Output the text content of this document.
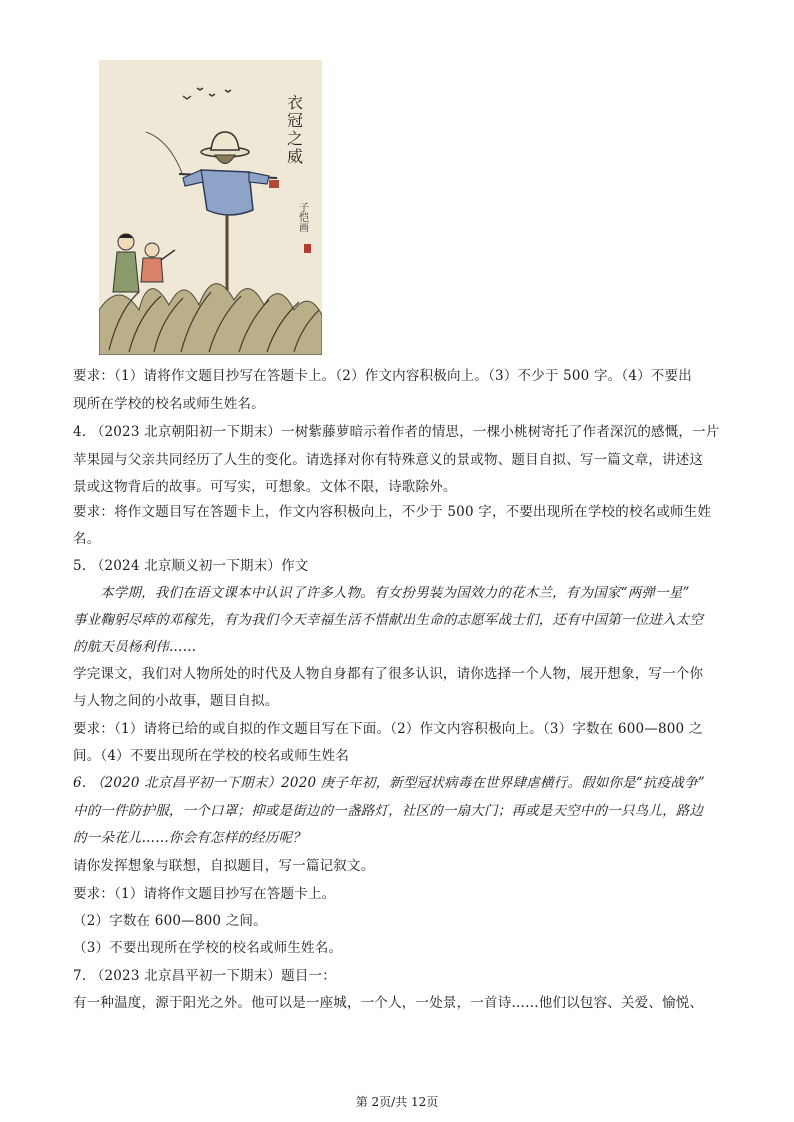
衣冠之威
子恺画
要求：（1）请将作文题目抄写在答题卡上。（2）作文内容积极向上。（3）不少于 500 字。（4）不要出
现所在学校的校名或师生姓名。
4. （2023 北京朝阳初一下期末）一树紫藤萝暗示着作者的情思，一棵小桃树寄托了作者深沉的感慨，一片
苹果园与父亲共同经历了人生的变化。请选择对你有特殊意义的景或物、题目自拟、写一篇文章，讲述这
景或这物背后的故事。可写实，可想象。文体不限，诗歌除外。
要求：将作文题目写在答题卡上，作文内容积极向上，不少于 500 字，不要出现所在学校的校名或师生姓
名。
5. （2024 北京顺义初一下期末）作文
本学期，我们在语文课本中认识了许多人物。有女扮男装为国效力的花木兰，有为国家“两弹一星”
事业鞠躬尽瘁的邓稼先，有为我们今天幸福生活不惜献出生命的志愿军战士们，还有中国第一位进入太空
的航天员杨利伟……
学完课文，我们对人物所处的时代及人物自身都有了很多认识，请你选择一个人物，展开想象，写一个你
与人物之间的小故事，题目自拟。
要求：（1）请将已给的或自拟的作文题目写在下面。（2）作文内容积极向上。（3）字数在 600—800 之
间。（4）不要出现所在学校的校名或师生姓名
6. （2020 北京昌平初一下期末）2020 庚子年初，新型冠状病毒在世界肆虐横行。假如你是“抗疫战争”
中的一件防护服，一个口罩；抑或是街边的一盏路灯，社区的一扇大门；再或是天空中的一只鸟儿，路边
的一朵花儿……你会有怎样的经历呢？
请你发挥想象与联想，自拟题目，写一篇记叙文。
要求：（1）请将作文题目抄写在答题卡上。
（2）字数在 600—800 之间。
（3）不要出现所在学校的校名或师生姓名。
7. （2023 北京昌平初一下期末）题目一：
有一种温度，源于阳光之外。他可以是一座城，一个人，一处景，一首诗……他们以包容、关爱、愉悦、
第 2页/共 12页
